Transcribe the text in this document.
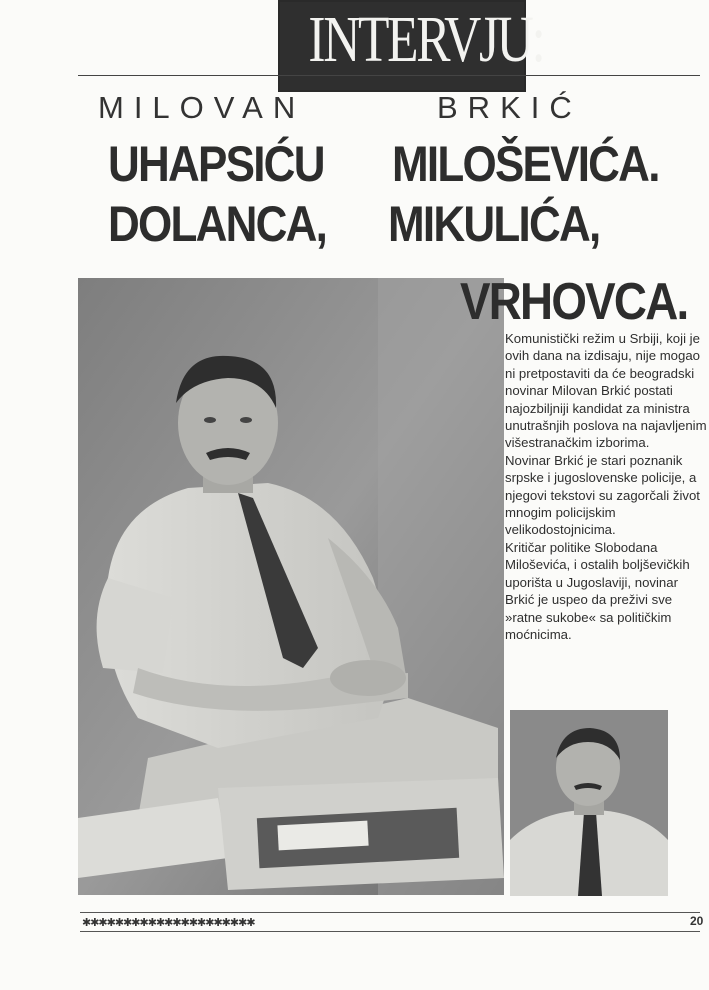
INTERVJU:
MILOVAN	BRKIĆ
UHAPSIĆU MILOŠEVIĆA.
DOLANCA, MIKULIĆA,
VRHOVCA.

Komunistički režim u Srbiji, koji je ovih dana na izdisaju, nije mogao ni pretpostaviti da će beogradski novinar Milovan Brkić postati najozbiljniji kandidat za ministra unutrašnjih poslova na najavljenim višestranačkim izborima.

Novinar Brkić je stari poznanik srpske i jugoslovenske policije, a njegovi tekstovi su zagorčali život mnogim policijskim velikodostojnicima.

Kritičar politike Slobodana Miloševića, i ostalih boljševičkih uporišta u Jugoslaviji, novinar Brkić je uspeo da preživi sve »ratne sukobe« sa političkim moćnicima.

✱✱✱✱✱✱✱✱✱✱✱✱✱✱✱✱✱✱✱✱✱	20
